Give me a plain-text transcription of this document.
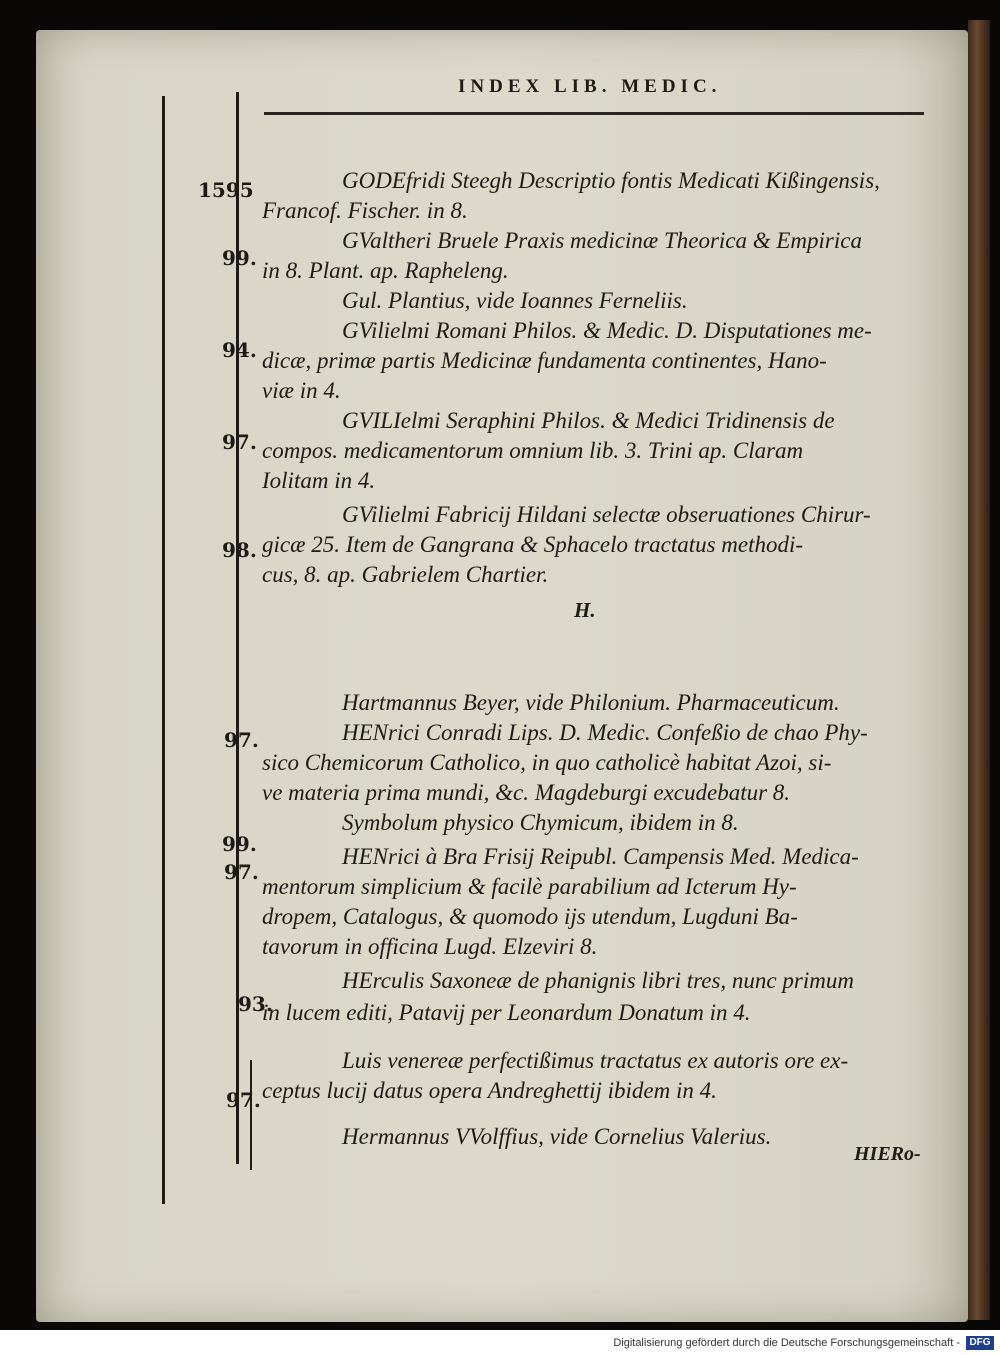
INDEX LIB. MEDIC.
1595
99.
94.
97.
98.
97.
99.
97.
93.
97.
GODEfridi Steegh Descriptio fontis Medicati Kißingensis,
Francof. Fischer. in 8.
GValtheri Bruele Praxis medicinæ Theorica & Empirica
in 8. Plant. ap. Rapheleng.
Gul. Plantius, vide Ioannes Ferneliis.
GVilielmi Romani Philos. & Medic. D. Disputationes me-
dicæ, primæ partis Medicinæ fundamenta continentes, Hano-
viæ in 4.
GVILIelmi Seraphini Philos. & Medici Tridinensis de
compos. medicamentorum omnium lib. 3. Trini ap. Claram
Iolitam in 4.
GVilielmi Fabricij Hildani selectæ obseruationes Chirur-
gicæ 25. Item de Gangrana & Sphacelo tractatus methodi-
cus, 8. ap. Gabrielem Chartier.
H.
Hartmannus Beyer, vide Philonium. Pharmaceuticum.
HENrici Conradi Lips. D. Medic. Confeßio de chao Phy-
sico Chemicorum Catholico, in quo catholicè habitat Azoi, si-
ve materia prima mundi, &c. Magdeburgi excudebatur 8.
Symbolum physico Chymicum, ibidem in 8.
HENrici à Bra Frisij Reipubl. Campensis Med. Medica-
mentorum simplicium & facilè parabilium ad Icterum Hy-
dropem, Catalogus, & quomodo ijs utendum, Lugduni Ba-
tavorum in officina Lugd. Elzeviri 8.
HErculis Saxoneæ de phanignis libri tres, nunc primum
in lucem editi, Patavij per Leonardum Donatum in 4.
Luis venereæ perfectißimus tractatus ex autoris ore ex-
ceptus lucij datus opera Andreghettij ibidem in 4.
Hermannus VVolffius, vide Cornelius Valerius.
HIERo-
Digitalisierung gefördert durch die Deutsche Forschungsgemeinschaft - DFG
